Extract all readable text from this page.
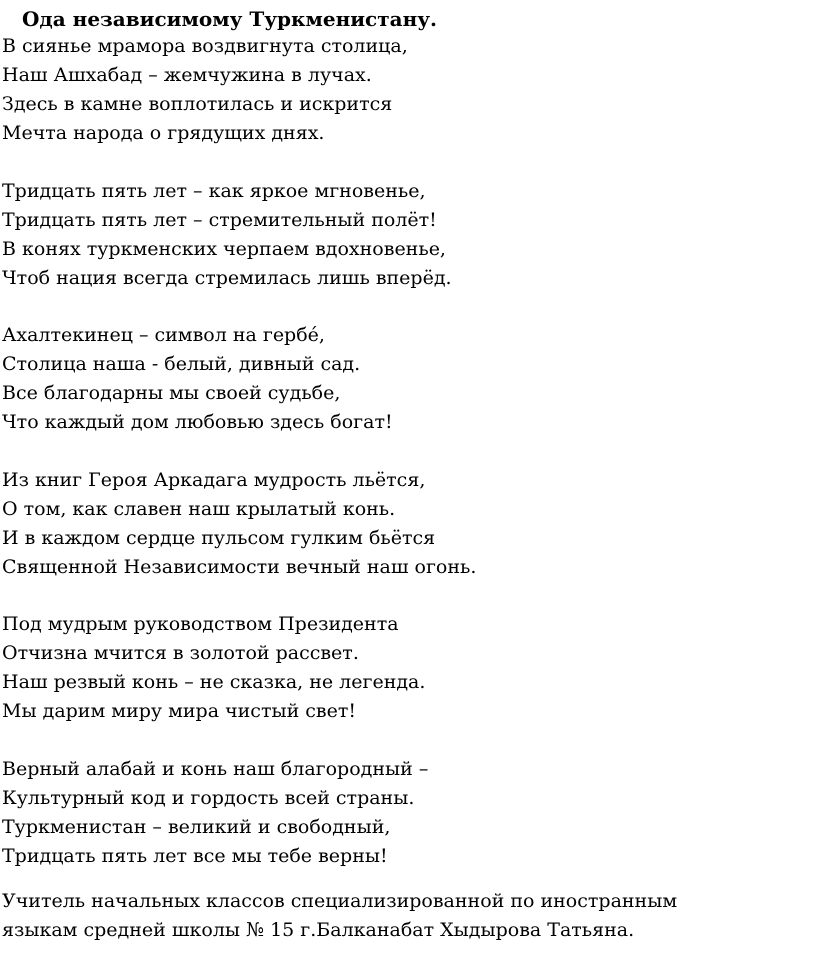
Ода независимому Туркменистану.
В сиянье мрамора воздвигнута столица,
Наш Ашхабад – жемчужина в лучах.
Здесь в камне воплотилась и искрится
Мечта народа о грядущих днях.
Тридцать пять лет – как яркое мгновенье,
Тридцать пять лет – стремительный полёт!
В конях туркменских черпаем вдохновенье,
Чтоб нация всегда стремилась лишь вперёд.
Ахалтекинец – символ на гербé,
Столица наша - белый, дивный сад.
Все благодарны мы своей судьбе,
Что каждый дом любовью здесь богат!
Из книг Героя Аркадага мудрость льётся,
О том, как славен наш крылатый конь.
И в каждом сердце пульсом гулким бьётся
Священной Независимости вечный наш огонь.
Под мудрым руководством Президента
Отчизна мчится в золотой рассвет.
Наш резвый конь – не сказка, не легенда.
Мы дарим миру мира чистый свет!
Верный алабай и конь наш благородный –
Культурный код и гордость всей страны.
Туркменистан – великий и свободный,
Тридцать пять лет все мы тебе верны!
Учитель начальных классов специализированной по иностранным
языкам средней школы № 15 г.Балканабат Хыдырова Татьяна.
